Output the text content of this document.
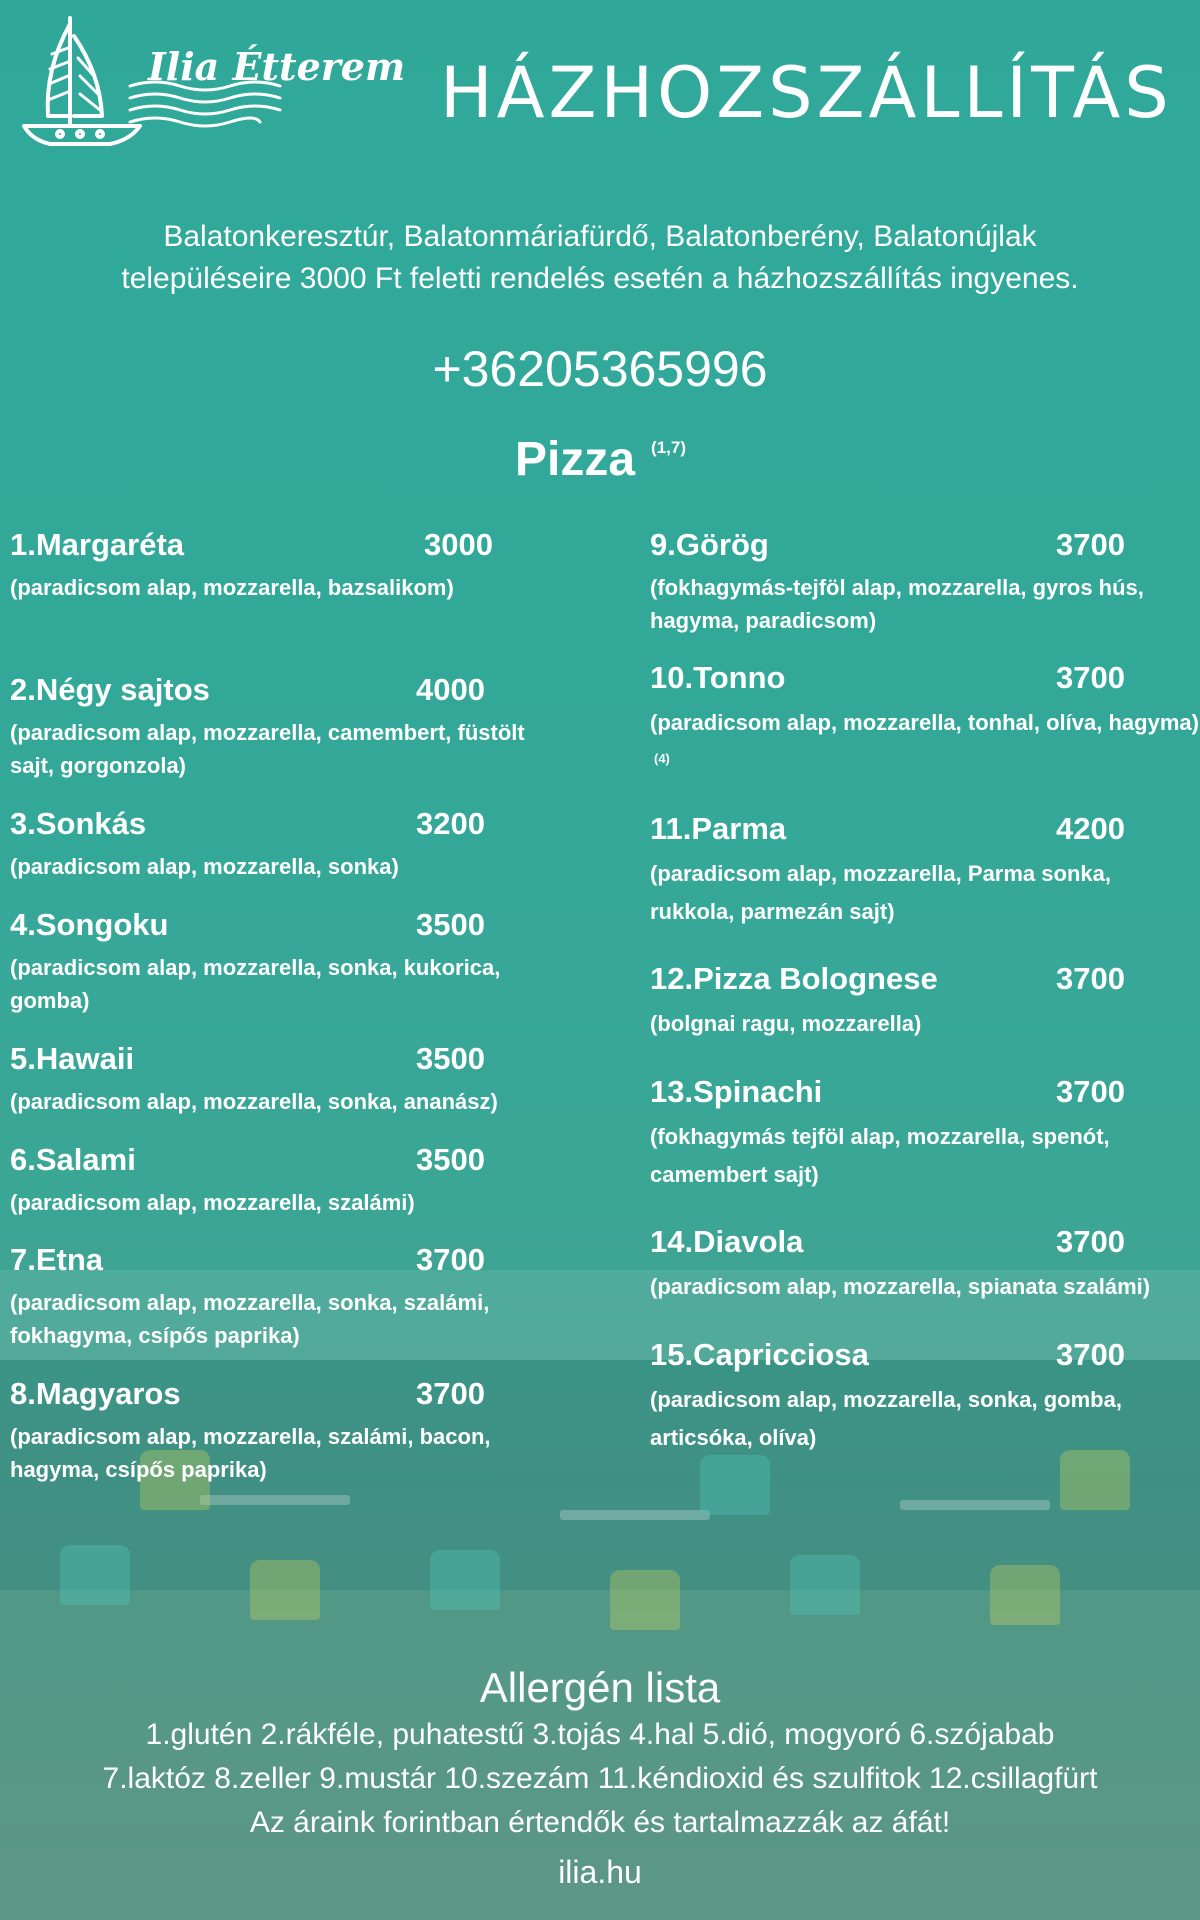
Ilia Étterem HÁZHOZSZÁLLÍTÁS
Balatonkeresztúr, Balatonmáriafürdő, Balatonberény, Balatonújlak
településeire 3000 Ft feletti rendelés esetén a házhozszállítás ingyenes.
+36205365996
Pizza $^{(1,7)}$
1.Margaréta	3000
(paradicsom alap, mozzarella, bazsalikom)
2.Négy sajtos	4000
(paradicsom alap, mozzarella, camembert, füstölt sajt, gorgonzola)
3.Sonkás	3200
(paradicsom alap, mozzarella, sonka)
4.Songoku	3500
(paradicsom alap, mozzarella, sonka, kukorica, gomba)
5.Hawaii	3500
(paradicsom alap, mozzarella, sonka, ananász)
6.Salami	3500
(paradicsom alap, mozzarella, szalámi)
7.Etna	3700
(paradicsom alap, mozzarella, sonka, szalámi, fokhagyma, csípős paprika)
8.Magyaros	3700
(paradicsom alap, mozzarella, szalámi, bacon, hagyma, csípős paprika)
9.Görög	3700
(fokhagymás-tejföl alap, mozzarella, gyros hús, hagyma, paradicsom)
10.Tonno	3700
(paradicsom alap, mozzarella, tonhal, olíva, hagyma)$^{(4)}$
11.Parma	4200
(paradicsom alap, mozzarella, Parma sonka, rukkola, parmezán sajt)
12.Pizza Bolognese	3700
(bolgnai ragu, mozzarella)
13.Spinachi	3700
(fokhagymás tejföl alap, mozzarella, spenót, camembert sajt)
14.Diavola	3700
(paradicsom alap, mozzarella, spianata szalámi)
15.Capricciosa	3700
(paradicsom alap, mozzarella, sonka, gomba, articsóka, olíva)
Allergén lista
1.glutén 2.rákféle, puhatestű 3.tojás 4.hal 5.dió, mogyoró 6.szójabab
7.laktóz 8.zeller 9.mustár 10.szezám 11.kéndioxid és szulfitok 12.csillagfürt
Az áraink forintban értendők és tartalmazzák az áfát!
ilia.hu
